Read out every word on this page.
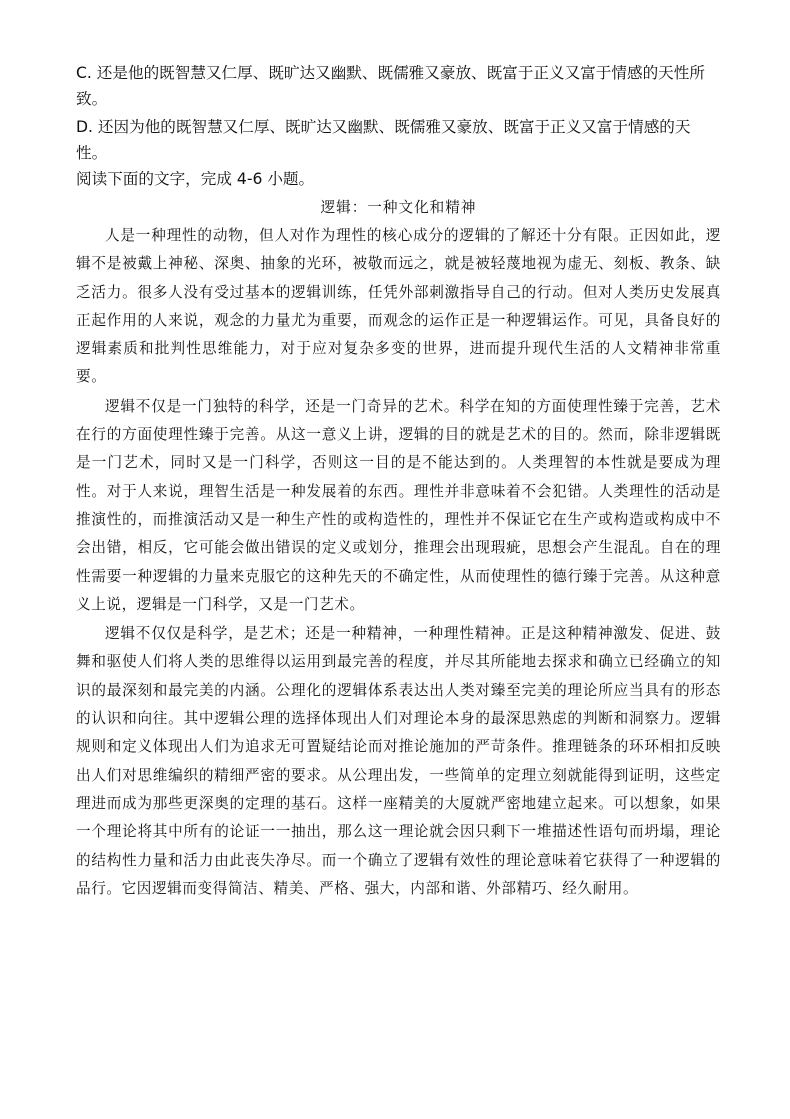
C. 还是他的既智慧又仁厚、既旷达又幽默、既儒雅又豪放、既富于正义又富于情感的天性所致。

D. 还因为他的既智慧又仁厚、既旷达又幽默、既儒雅又豪放、既富于正义又富于情感的天性。

阅读下面的文字，完成 4-6 小题。

逻辑：一种文化和精神

人是一种理性的动物，但人对作为理性的核心成分的逻辑的了解还十分有限。正因如此，逻辑不是被戴上神秘、深奥、抽象的光环，被敬而远之，就是被轻蔑地视为虚无、刻板、教条、缺乏活力。很多人没有受过基本的逻辑训练，任凭外部刺激指导自己的行动。但对人类历史发展真正起作用的人来说，观念的力量尤为重要，而观念的运作正是一种逻辑运作。可见，具备良好的逻辑素质和批判性思维能力，对于应对复杂多变的世界，进而提升现代生活的人文精神非常重要。

逻辑不仅是一门独特的科学，还是一门奇异的艺术。科学在知的方面使理性臻于完善，艺术在行的方面使理性臻于完善。从这一意义上讲，逻辑的目的就是艺术的目的。然而，除非逻辑既是一门艺术，同时又是一门科学，否则这一目的是不能达到的。人类理智的本性就是要成为理性。对于人来说，理智生活是一种发展着的东西。理性并非意味着不会犯错。人类理性的活动是推演性的，而推演活动又是一种生产性的或构造性的，理性并不保证它在生产或构造或构成中不会出错，相反，它可能会做出错误的定义或划分，推理会出现瑕疵，思想会产生混乱。自在的理性需要一种逻辑的力量来克服它的这种先天的不确定性，从而使理性的德行臻于完善。从这种意义上说，逻辑是一门科学，又是一门艺术。

逻辑不仅仅是科学，是艺术；还是一种精神，一种理性精神。正是这种精神激发、促进、鼓舞和驱使人们将人类的思维得以运用到最完善的程度，并尽其所能地去探求和确立已经确立的知识的最深刻和最完美的内涵。公理化的逻辑体系表达出人类对臻至完美的理论所应当具有的形态的认识和向往。其中逻辑公理的选择体现出人们对理论本身的最深思熟虑的判断和洞察力。逻辑规则和定义体现出人们为追求无可置疑结论而对推论施加的严苛条件。推理链条的环环相扣反映出人们对思维编织的精细严密的要求。从公理出发，一些简单的定理立刻就能得到证明，这些定理进而成为那些更深奥的定理的基石。这样一座精美的大厦就严密地建立起来。可以想象，如果一个理论将其中所有的论证一一抽出，那么这一理论就会因只剩下一堆描述性语句而坍塌，理论的结构性力量和活力由此丧失净尽。而一个确立了逻辑有效性的理论意味着它获得了一种逻辑的品行。它因逻辑而变得简洁、精美、严格、强大，内部和谐、外部精巧、经久耐用。
